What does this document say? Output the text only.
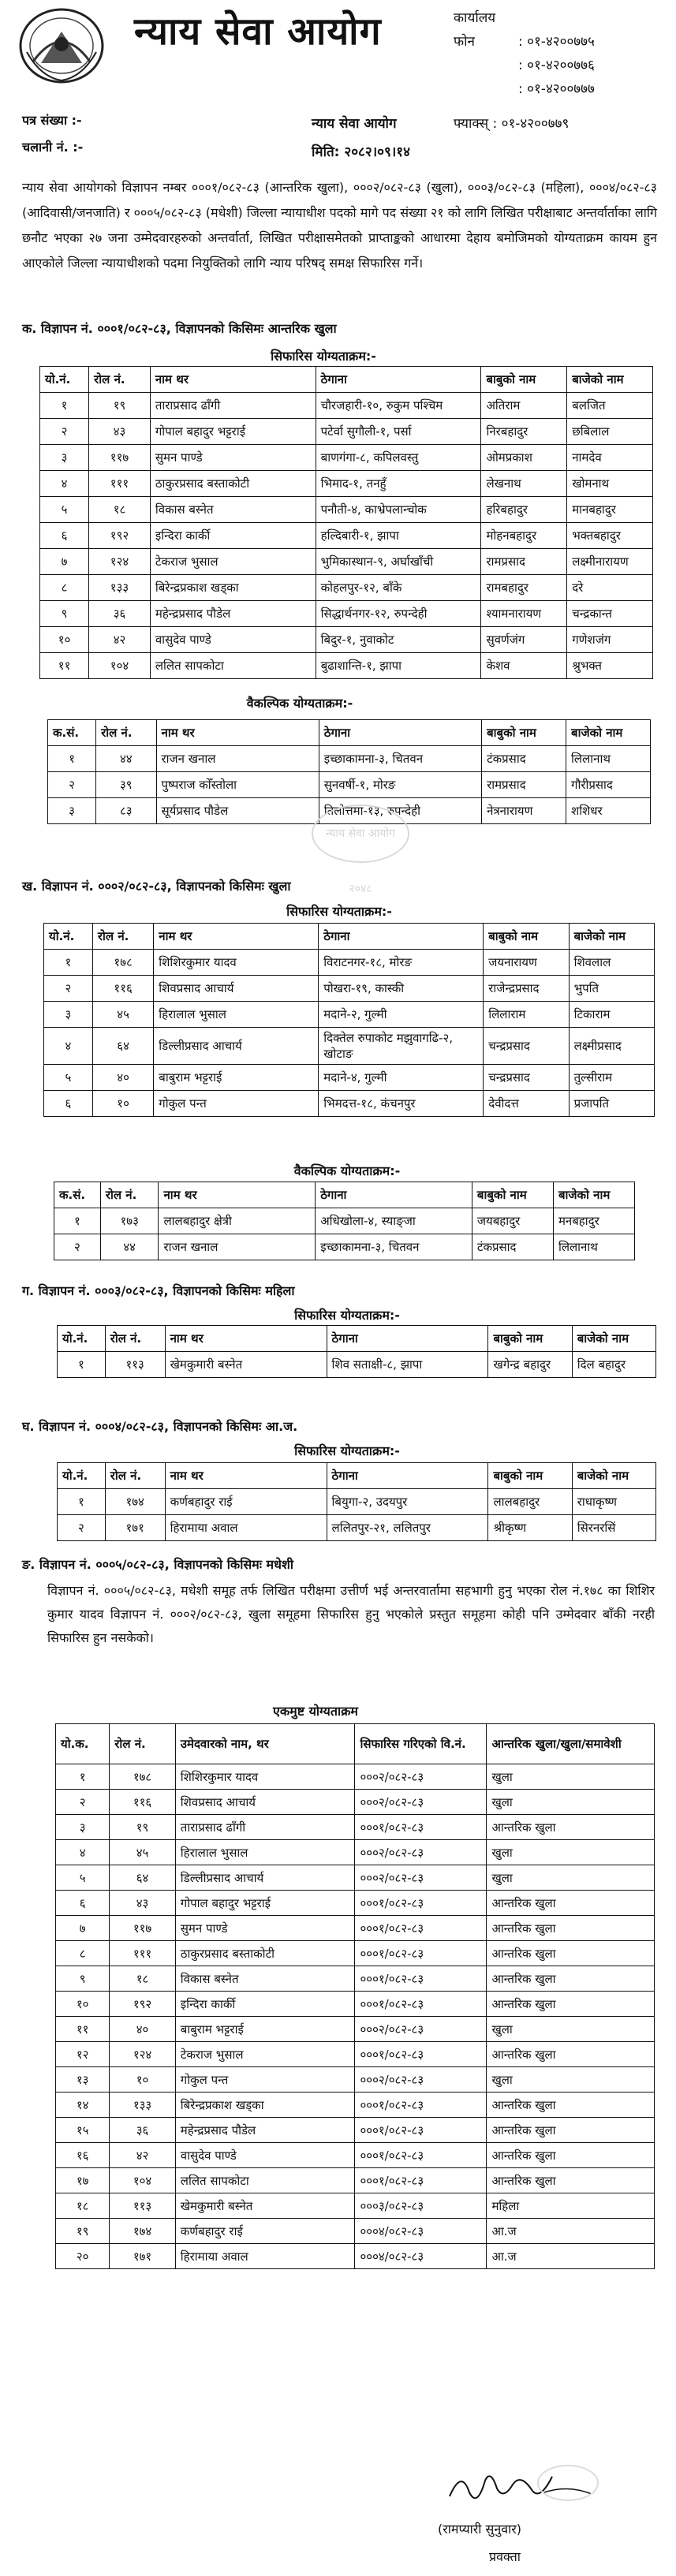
न्याय सेवा आयोग	कार्यालय
फोन	: ०१-४२००७७५
: ०१-४२००७७६
: ०१-४२००७७७
पत्र संख्या :-
चलानी नं. :-
न्याय सेवा आयोग	फ्याक्स् : ०१-४२००७७९
मिति: २०८२।०९।१४
न्याय सेवा आयोगको विज्ञापन नम्बर ०००१/०८२-८३ (आन्तरिक खुला), ०००२/०८२-८३ (खुला), ०००३/०८२-८३ (महिला), ०००४/०८२-८३ (आदिवासी/जनजाति) र ०००५/०८२-८३ (मधेशी) जिल्ला न्यायाधीश पदको मागे पद संख्या २१ को लागि लिखित परीक्षाबाट अन्तर्वार्ताका लागि छनौट भएका २७ जना उम्मेदवारहरुको अन्तर्वार्ता, लिखित परीक्षासमेतको प्राप्ताङ्कको आधारमा देहाय बमोजिमको योग्यताक्रम कायम हुन आएकोले जिल्ला न्यायाधीशको पदमा नियुक्तिको लागि न्याय परिषद् समक्ष सिफारिस गर्ने।
क. विज्ञापन नं. ०००१/०८२-८३, विज्ञापनको किसिमः आन्तरिक खुला
सिफारिस योग्यताक्रम:-
यो.नं.	रोल नं.	नाम थर	ठेगाना	बाबुको नाम	बाजेको नाम
१	१९	ताराप्रसाद ढाँगी	चौरजहारी-१०, रुकुम पश्चिम	अतिराम	बलजित
२	४३	गोपाल बहादुर भट्टराई	पटेर्वा सुगौली-१, पर्सा	निरबहादुर	छबिलाल
३	११७	सुमन पाण्डे	बाणगंगा-८, कपिलवस्तु	ओमप्रकाश	नामदेव
४	१११	ठाकुरप्रसाद बस्ताकोटी	भिमाद-१, तनहुँ	लेखनाथ	खोमनाथ
५	१८	विकास बस्नेत	पनौती-४, काभ्रेपलान्चोक	हरिबहादुर	मानबहादुर
६	१९२	इन्दिरा कार्की	हल्दिबारी-१, झापा	मोहनबहादुर	भक्तबहादुर
७	१२४	टेकराज भुसाल	भुमिकास्थान-९, अर्घाखाँची	रामप्रसाद	लक्ष्मीनारायण
८	१३३	बिरेन्द्रप्रकाश खड्का	कोहलपुर-१२, बाँके	रामबहादुर	दरे
९	३६	महेन्द्रप्रसाद पौडेल	सिद्धार्थनगर-१२, रुपन्देही	श्यामनारायण	चन्द्रकान्त
१०	४२	वासुदेव पाण्डे	बिदुर-१, नुवाकोट	सुवर्णजंग	गणेशजंग
११	१०४	ललित सापकोटा	बुढाशान्ति-१, झापा	केशव	श्रुभक्त
वैकल्पिक योग्यताक्रम:-
क.सं.	रोल नं.	नाम थर	ठेगाना	बाबुको नाम	बाजेको नाम
१	४४	राजन खनाल	इच्छाकामना-३, चितवन	टंकप्रसाद	लिलानाथ
२	३९	पुष्पराज कोँस्तोला	सुनवर्षी-१, मोरङ	रामप्रसाद	गौरीप्रसाद
३	८३	सूर्यप्रसाद पौडेल	तिलोत्तमा-१३, रुपन्देही	नेत्रनारायण	शशिधर
न्याय सेवा आयोग २०४८
ख. विज्ञापन नं. ०००२/०८२-८३, विज्ञापनको किसिमः खुला
सिफारिस योग्यताक्रम:-
यो.नं.	रोल नं.	नाम थर	ठेगाना	बाबुको नाम	बाजेको नाम
१	१७८	शिशिरकुमार यादव	विराटनगर-१८, मोरङ	जयनारायण	शिवलाल
२	११६	शिवप्रसाद आचार्य	पोखरा-१९, कास्की	राजेन्द्रप्रसाद	भुपति
३	४५	हिरालाल भुसाल	मदाने-२, गुल्मी	लिलाराम	टिकाराम
४	६४	डिल्लीप्रसाद आचार्य	दिक्तेल रुपाकोट मझुवागढि-२, खोटाङ	चन्द्रप्रसाद	लक्ष्मीप्रसाद
५	४०	बाबुराम भट्टराई	मदाने-४, गुल्मी	चन्द्रप्रसाद	तुल्सीराम
६	१०	गोकुल पन्त	भिमदत्त-१८, कंचनपुर	देवीदत्त	प्रजापति
वैकल्पिक योग्यताक्रम:-
क.सं.	रोल नं.	नाम थर	ठेगाना	बाबुको नाम	बाजेको नाम
१	१७३	लालबहादुर क्षेत्री	अधिखोला-४, स्याङ्जा	जयबहादुर	मनबहादुर
२	४४	राजन खनाल	इच्छाकामना-३, चितवन	टंकप्रसाद	लिलानाथ
ग. विज्ञापन नं. ०००३/०८२-८३, विज्ञापनको किसिमः महिला
सिफारिस योग्यताक्रम:-
यो.नं.	रोल नं.	नाम थर	ठेगाना	बाबुको नाम	बाजेको नाम
१	११३	खेमकुमारी बस्नेत	शिव सताक्षी-८, झापा	खगेन्द्र बहादुर	दिल बहादुर
घ. विज्ञापन नं. ०००४/०८२-८३, विज्ञापनको किसिमः आ.ज.
सिफारिस योग्यताक्रम:-
यो.नं.	रोल नं.	नाम थर	ठेगाना	बाबुको नाम	बाजेको नाम
१	१७४	कर्णबहादुर राई	बियुगा-२, उदयपुर	लालबहादुर	राधाकृष्ण
२	१७१	हिरामाया अवाल	ललितपुर-२१, ललितपुर	श्रीकृष्ण	सिरनरसिं
ङ. विज्ञापन नं. ०००५/०८२-८३, विज्ञापनको किसिमः मधेशी
विज्ञापन नं. ०००५/०८२-८३, मधेशी समूह तर्फ लिखित परीक्षमा उत्तीर्ण भई अन्तरवार्तामा सहभागी हुनु भएका रोल नं.१७८ का शिशिर कुमार यादव विज्ञापन नं. ०००२/०८२-८३, खुला समूहमा सिफारिस हुनु भएकोले प्रस्तुत समूहमा कोही पनि उम्मेदवार बाँकी नरही सिफारिस हुन नसकेको।
एकमुष्ट योग्यताक्रम
यो.क.	रोल नं.	उमेदवारको नाम, थर	सिफारिस गरिएको वि.नं.	आन्तरिक खुला/खुला/समावेशी
१	१७८	शिशिरकुमार यादव	०००२/०८२-८३	खुला
२	११६	शिवप्रसाद आचार्य	०००२/०८२-८३	खुला
३	१९	ताराप्रसाद ढाँगी	०००१/०८२-८३	आन्तरिक खुला
४	४५	हिरालाल भुसाल	०००२/०८२-८३	खुला
५	६४	डिल्लीप्रसाद आचार्य	०००२/०८२-८३	खुला
६	४३	गोपाल बहादुर भट्टराई	०००१/०८२-८३	आन्तरिक खुला
७	११७	सुमन पाण्डे	०००१/०८२-८३	आन्तरिक खुला
८	१११	ठाकुरप्रसाद बस्ताकोटी	०००१/०८२-८३	आन्तरिक खुला
९	१८	विकास बस्नेत	०००१/०८२-८३	आन्तरिक खुला
१०	१९२	इन्दिरा कार्की	०००१/०८२-८३	आन्तरिक खुला
११	४०	बाबुराम भट्टराई	०००२/०८२-८३	खुला
१२	१२४	टेकराज भुसाल	०००१/०८२-८३	आन्तरिक खुला
१३	१०	गोकुल पन्त	०००२/०८२-८३	खुला
१४	१३३	बिरेन्द्रप्रकाश खड्का	०००१/०८२-८३	आन्तरिक खुला
१५	३६	महेन्द्रप्रसाद पौडेल	०००१/०८२-८३	आन्तरिक खुला
१६	४२	वासुदेव पाण्डे	०००१/०८२-८३	आन्तरिक खुला
१७	१०४	ललित सापकोटा	०००१/०८२-८३	आन्तरिक खुला
१८	११३	खेमकुमारी बस्नेत	०००३/०८२-८३	महिला
१९	१७४	कर्णबहादुर राई	०००४/०८२-८३	आ.ज
२०	१७१	हिरामाया अवाल	०००४/०८२-८३	आ.ज
(रामप्यारी सुनुवार)
प्रवक्ता
